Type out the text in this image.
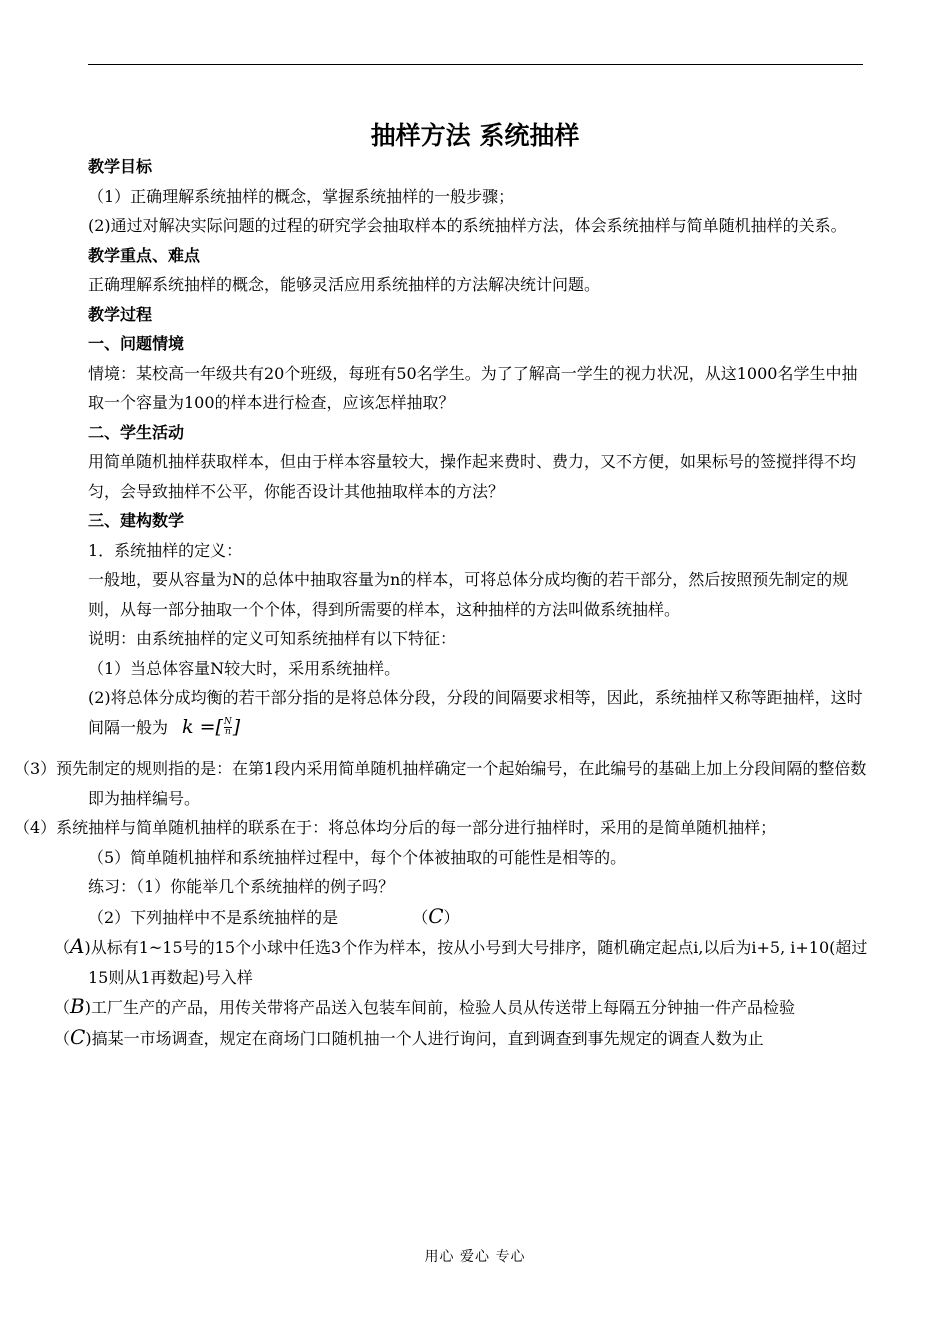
抽样方法 系统抽样

教学目标

（1）正确理解系统抽样的概念，掌握系统抽样的一般步骤；

(2)通过对解决实际问题的过程的研究学会抽取样本的系统抽样方法，体会系统抽样与简单随机抽样的关系。

教学重点、难点

正确理解系统抽样的概念，能够灵活应用系统抽样的方法解决统计问题。

教学过程

一、问题情境

情境：某校高一年级共有20个班级，每班有50名学生。为了了解高一学生的视力状况，从这1000名学生中抽取一个容量为100的样本进行检查，应该怎样抽取？

二、学生活动

用简单随机抽样获取样本，但由于样本容量较大，操作起来费时、费力，又不方便，如果标号的签搅拌得不均匀，会导致抽样不公平，你能否设计其他抽取样本的方法？

三、建构数学

1．系统抽样的定义：

一般地，要从容量为N的总体中抽取容量为n的样本，可将总体分成均衡的若干部分，然后按照预先制定的规则，从每一部分抽取一个个体，得到所需要的样本，这种抽样的方法叫做系统抽样。

说明：由系统抽样的定义可知系统抽样有以下特征：

（1）当总体容量N较大时，采用系统抽样。

(2)将总体分成均衡的若干部分指的是将总体分段，分段的间隔要求相等，因此，系统抽样又称等距抽样，这时间隔一般为 k =[ $\frac{N}{n}$ ]

（3）预先制定的规则指的是：在第1段内采用简单随机抽样确定一个起始编号，在此编号的基础上加上分段间隔的整倍数即为抽样编号。

（4）系统抽样与简单随机抽样的联系在于：将总体均分后的每一部分进行抽样时，采用的是简单随机抽样；

（5）简单随机抽样和系统抽样过程中，每个个体被抽取的可能性是相等的。

练习：（1）你能举几个系统抽样的例子吗？

（2）下列抽样中不是系统抽样的是	（C）

（A)从标有1~15号的15个小球中任选3个作为样本，按从小号到大号排序，随机确定起点i,以后为i+5, i+10(超过15则从1再数起)号入样

（B)工厂生产的产品，用传关带将产品送入包装车间前，检验人员从传送带上每隔五分钟抽一件产品检验

（C)搞某一市场调查，规定在商场门口随机抽一个人进行询问，直到调查到事先规定的调查人数为止

用心 爱心 专心
